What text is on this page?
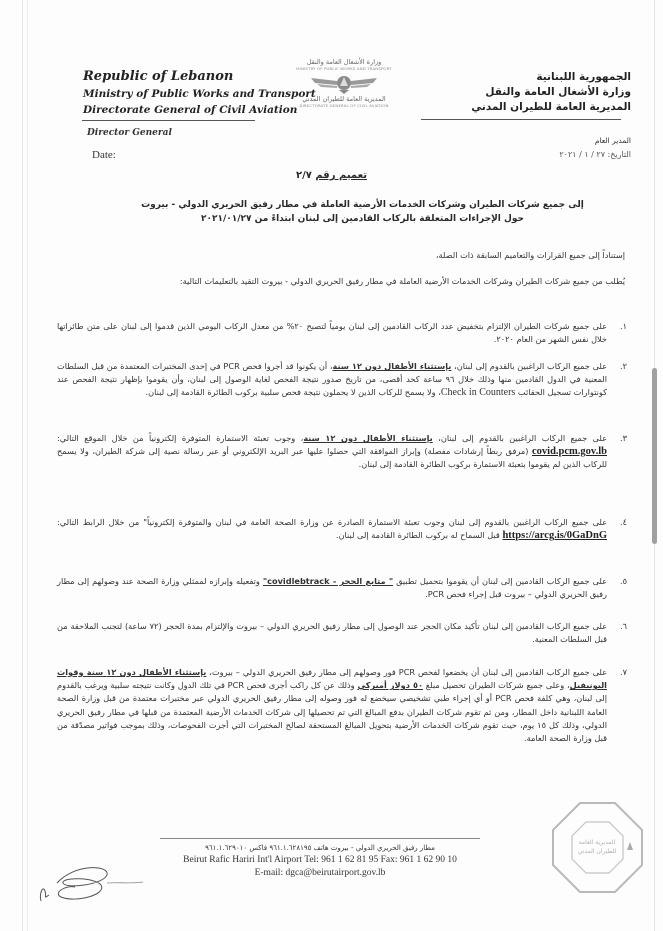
Republic of Lebanon
Ministry of Public Works and Transport
Directorate General of Civil Aviation
Director General
Date:
وزارة الأشغال العامة والنقل
MINISTRY OF PUBLIC WORKS AND TRANSPORT
المديرية العامة للطيران المدني
DIRECTORATE GENERAL OF CIVIL AVIATION
الجمهورية اللبنانية
وزارة الأشغال العامة والنقل
المديرية العامة للطيران المدني
المدير العام
التاريخ: ٢٧ / ١ / ٢٠٢١
تعميم رقم ٢/٧
إلى جميع شركات الطيران وشركات الخدمات الأرضية العاملة في مطار رفيق الحريري الدولي - بيروت
حول الإجراءات المتعلقة بالركاب القادمين إلى لبنان ابتداءً من ٢٠٢١/٠١/٢٧
إستناداً إلى جميع القرارات والتعاميم السابقة ذات الصلة،
يُطلب من جميع شركات الطيران وشركات الخدمات الأرضية العاملة في مطار رفيق الحريري الدولي - بيروت التقيد بالتعليمات التالية:
١.
على جميع شركات الطيران الإلتزام بتخفيض عدد الركاب القادمين إلى لبنان يومياً لتصبح ٢٠% من معدل الركاب اليومي الذين قدموا إلى لبنان على متن طائراتها خلال نفس الشهر من العام ٢٠٢٠.
٢.
على جميع الركاب الراغبين بالقدوم إلى لبنان، بإستثناء الأطفال دون ١٢ سنة، أن يكونوا قد أجروا فحص PCR في إحدى المختبرات المعتمدة من قبل السلطات المعنية في الدول القادمين منها وذلك خلال ٩٦ ساعة كحد أقصى، من تاريخ صدور نتيجة الفحص لغاية الوصول إلى لبنان، وأن يقوموا بإظهار نتيجة الفحص عند كونتوارات تسجيل الحقائب Check in Counters، ولا يسمح للركاب الذين لا يحملون نتيجة فحص سلبية بركوب الطائرة القادمة إلى لبنان.
٣.
على جميع الركاب الراغبين بالقدوم إلى لبنان، بإستثناء الأطفال دون ١٢ سنة، وجوب تعبئة الاستمارة المتوفرة إلكترونياً من خلال الموقع التالي: covid.pcm.gov.lb (مرفق ربطاً إرشادات مفصلة) وإبراز الموافقة التي حصلوا عليها عبر البريد الإلكتروني أو عبر رسالة نصية إلى شركة الطيران، ولا يسمح للركاب الذين لم يقوموا بتعبئة الاستمارة بركوب الطائرة القادمة إلى لبنان.
٤.
على جميع الركاب الراغبين بالقدوم إلى لبنان وجوب تعبئة الاستمارة الصادرة عن وزارة الصحة العامة في لبنان والمتوفرة إلكترونياً" من خلال الرابط التالي: https://arcg.is/0GaDnG قبل السماح له بركوب الطائرة القادمة إلى لبنان.
٥.
على جميع الركاب القادمين إلى لبنان أن يقوموا بتحميل تطبيق " متابع الحجر - covidlebtrack" وتفعيله وإبرازه لممثلي وزارة الصحة عند وصولهم إلى مطار رفيق الحريري الدولي – بيروت قبل إجراء فحص PCR.
٦.
على جميع الركاب القادمين إلى لبنان تأكيد مكان الحجر عند الوصول إلى مطار رفيق الحريري الدولي – بيروت والإلتزام بمدة الحجر (٧٢ ساعة) لتجنب الملاحقة من قبل السلطات المعنية.
٧.
على جميع الركاب القادمين إلى لبنان أن يخضعوا لفحص PCR فور وصولهم إلى مطار رفيق الحريري الدولي – بيروت، بإستثناء الأطفال دون ١٢ سنة وقوات اليونيفيل، وعلى جميع شركات الطيران تحصيل مبلغ ٥٠ دولار أميركي وذلك عن كل راكب أجرى فحص PCR في تلك الدول وكانت نتيجته سلبية ويرغب بالقدوم إلى لبنان، وهي كلفة فحص PCR أو أي إجراء طبي تشخيصي سيخضع له فور وصوله إلى مطار رفيق الحريري الدولي عبر مختبرات معتمدة من قبل وزارة الصحة العامة اللبنانية داخل المطار، ومن ثم تقوم شركات الطيران بدفع المبالغ التي تم تحصيلها إلى شركات الخدمات الأرضية المعتمدة من قبلها في مطار رفيق الحريري الدولي، وذلك كل ١٥ يوم، حيث تقوم شركات الخدمات الأرضية بتحويل المبالغ المستحقة لصالح المختبرات التي أجرت الفحوصات، وذلك بموجب فواتير مصدّقة من قبل وزارة الصحة العامة.
المديرية العامة
للطيران المدني
مطار رفيق الحريري الدولي - بيروت هاتف ٩٦١.١.٦٢٨١٩٥ فاكس ٩٦١.١.٦٢٩٠١٠
Beirut Rafic Hariri Int'l Airport Tel: 961 1 62 81 95 Fax: 961 1 62 90 10
E-mail: dgca@beirutairport.gov.lb
